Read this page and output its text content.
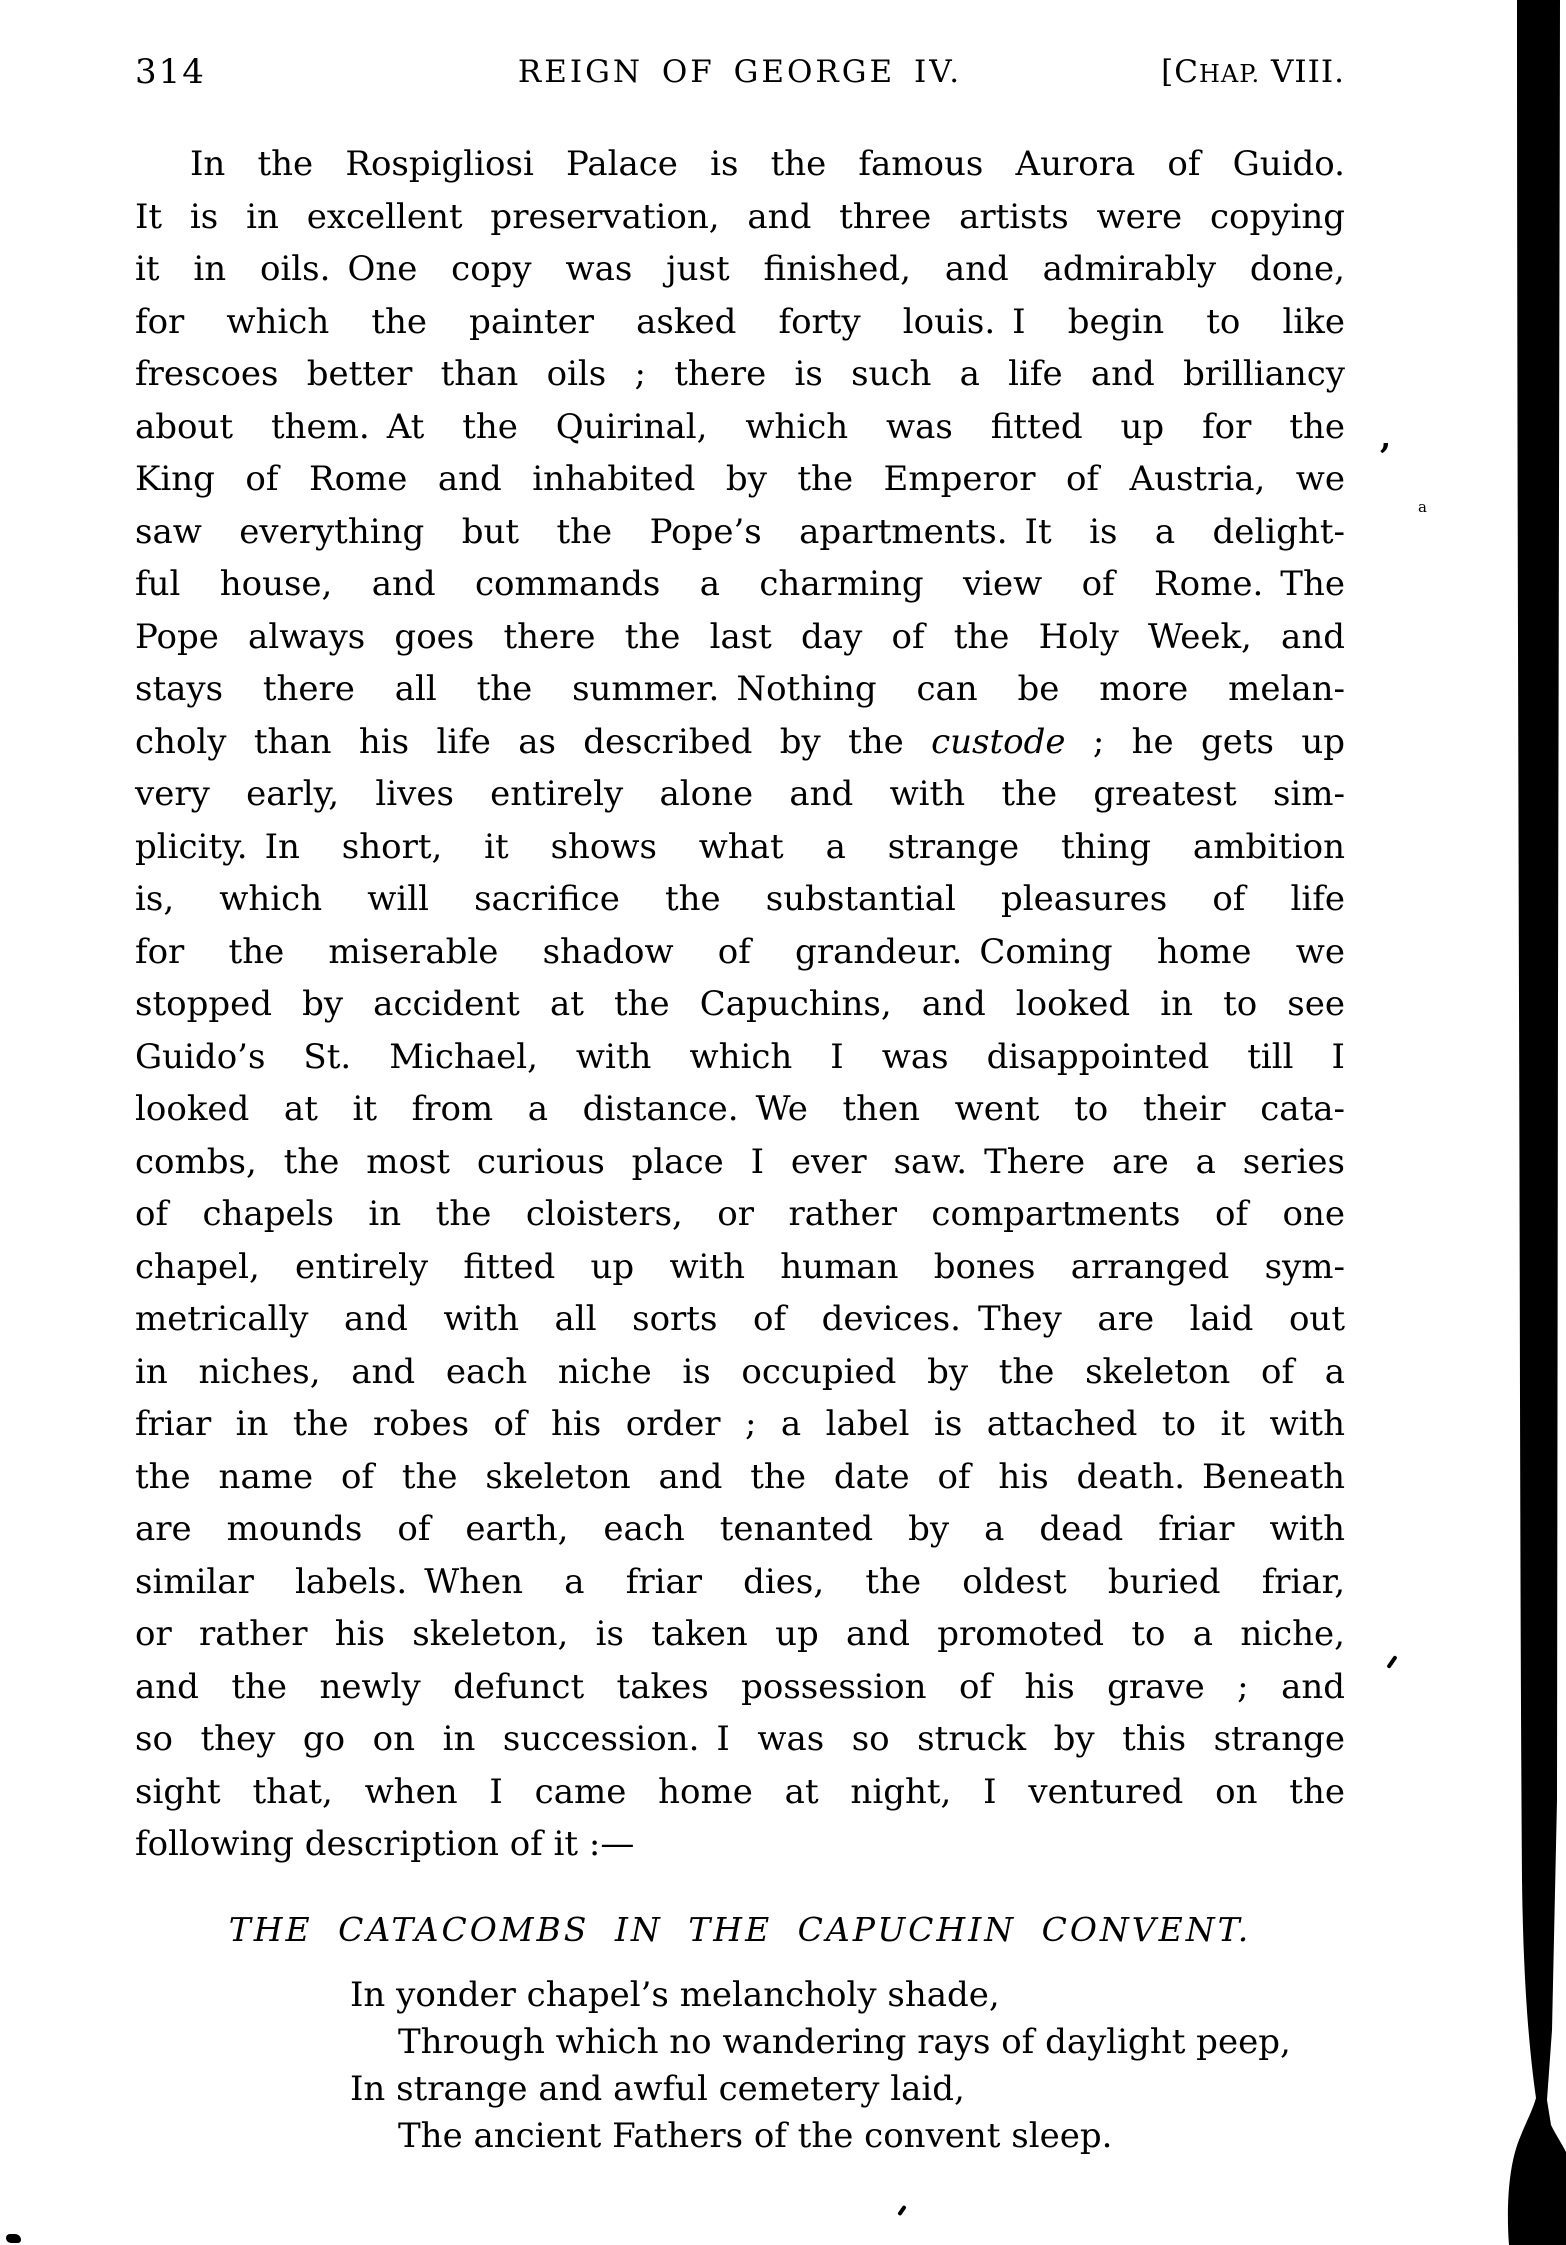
314	REIGN OF GEORGE IV.	[CHAP. VIII.
In the Rospigliosi Palace is the famous Aurora of Guido.
It is in excellent preservation, and three artists were copying
it in oils. One copy was just finished, and admirably done,
for which the painter asked forty louis. I begin to like
frescoes better than oils ; there is such a life and brilliancy
about them. At the Quirinal, which was fitted up for the
King of Rome and inhabited by the Emperor of Austria, we
saw everything but the Pope’s apartments. It is a delight-
ful house, and commands a charming view of Rome. The
Pope always goes there the last day of the Holy Week, and
stays there all the summer. Nothing can be more melan-
choly than his life as described by the custode ; he gets up
very early, lives entirely alone and with the greatest sim-
plicity. In short, it shows what a strange thing ambition
is, which will sacrifice the substantial pleasures of life
for the miserable shadow of grandeur. Coming home we
stopped by accident at the Capuchins, and looked in to see
Guido’s St. Michael, with which I was disappointed till I
looked at it from a distance. We then went to their cata-
combs, the most curious place I ever saw. There are a series
of chapels in the cloisters, or rather compartments of one
chapel, entirely fitted up with human bones arranged sym-
metrically and with all sorts of devices. They are laid out
in niches, and each niche is occupied by the skeleton of a
friar in the robes of his order ; a label is attached to it with
the name of the skeleton and the date of his death. Beneath
are mounds of earth, each tenanted by a dead friar with
similar labels. When a friar dies, the oldest buried friar,
or rather his skeleton, is taken up and promoted to a niche,
and the newly defunct takes possession of his grave ; and
so they go on in succession. I was so struck by this strange
sight that, when I came home at night, I ventured on the
following description of it :—
THE CATACOMBS IN THE CAPUCHIN CONVENT.
In yonder chapel’s melancholy shade,
Through which no wandering rays of daylight peep,
In strange and awful cemetery laid,
The ancient Fathers of the convent sleep.
,
a
